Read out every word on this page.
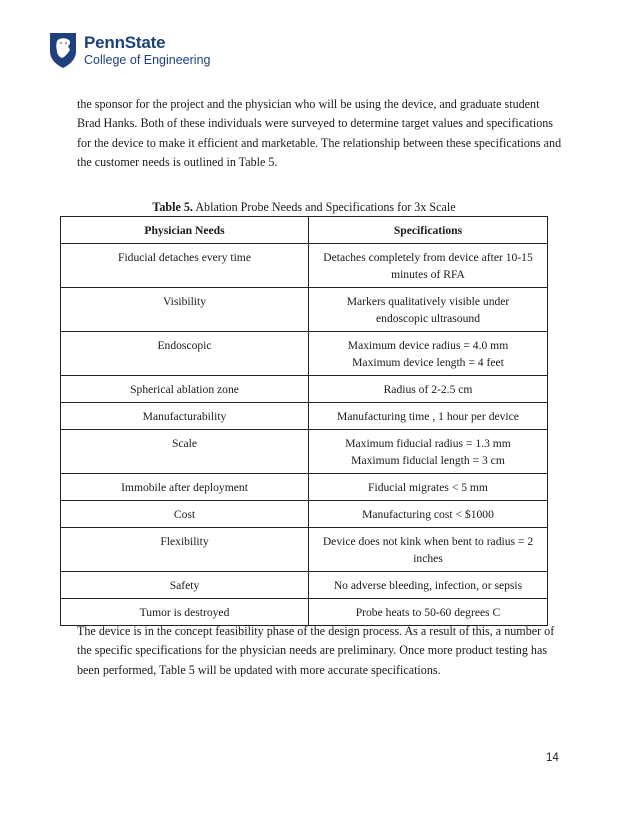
PennState
College of Engineering
the sponsor for the project and the physician who will be using the device, and graduate student Brad Hanks. Both of these individuals were surveyed to determine target values and specifications for the device to make it efficient and marketable. The relationship between these specifications and the customer needs is outlined in Table 5.
Table 5. Ablation Probe Needs and Specifications for 3x Scale
Physician Needs	Specifications
Fiducial detaches every time	Detaches completely from device after 10-15
minutes of RFA

Visibility	Markers qualitatively visible under
endoscopic ultrasound

Endoscopic	Maximum device radius = 4.0 mm
Maximum device length = 4 feet

Spherical ablation zone	Radius of 2-2.5 cm

Manufacturability	Manufacturing time , 1 hour per device

Scale	Maximum fiducial radius = 1.3 mm
Maximum fiducial length = 3 cm

Immobile after deployment	Fiducial migrates < 5 mm

Cost	Manufacturing cost < $1000

Flexibility	Device does not kink when bent to radius = 2
inches

Safety	No adverse bleeding, infection, or sepsis

Tumor is destroyed	Probe heats to 50-60 degrees C
The device is in the concept feasibility phase of the design process. As a result of this, a number of the specific specifications for the physician needs are preliminary. Once more product testing has been performed, Table 5 will be updated with more accurate specifications.
14
